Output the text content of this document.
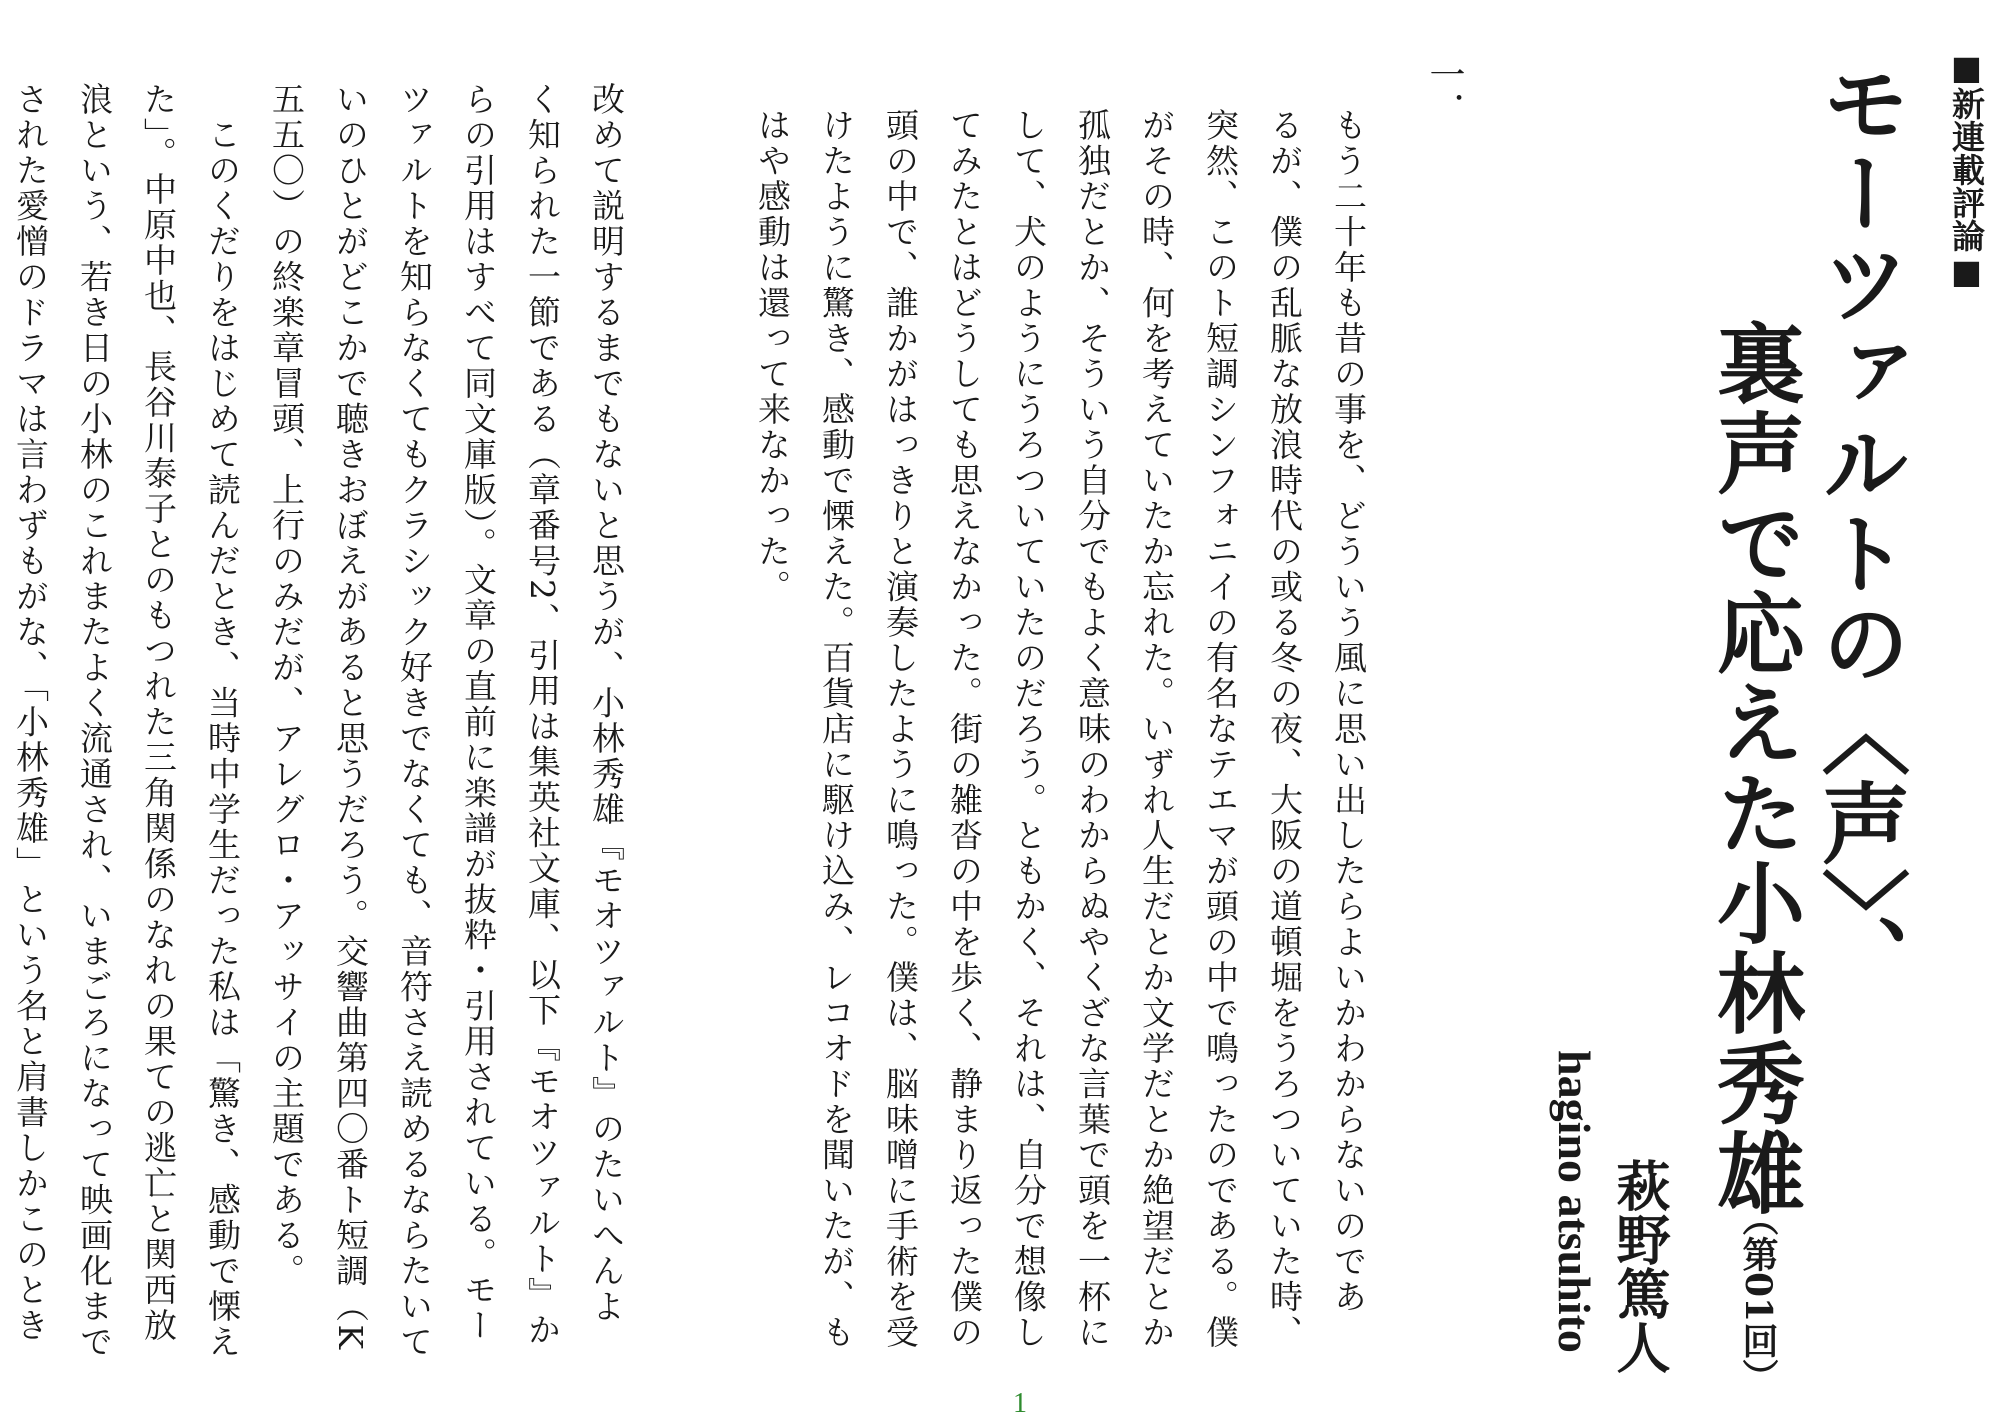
■新連載評論■
モーツァルトの〈声〉、
裏声で応えた小林秀雄
（第01回）
萩野篤人
hagino atsuhito
一．

もう二十年も昔の事を、どういう風に思い出したらよいかわからないのであ

るが、僕の乱脈な放浪時代の或る冬の夜、大阪の道頓堀をうろついていた時、

突然、このト短調シンフォニイの有名なテエマが頭の中で鳴ったのである。僕

がその時、何を考えていたか忘れた。いずれ人生だとか文学だとか絶望だとか

孤独だとか、そういう自分でもよく意味のわからぬやくざな言葉で頭を一杯に

して、犬のようにうろついていたのだろう。ともかく、それは、自分で想像し

てみたとはどうしても思えなかった。街の雑沓の中を歩く、静まり返った僕の

頭の中で、誰かがはっきりと演奏したように鳴った。僕は、脳味噌に手術を受

けたように驚き、感動で慄えた。百貨店に駆け込み、レコオドを聞いたが、も

はや感動は還って来なかった。

改めて説明するまでもないと思うが、小林秀雄『モオツァルト』のたいへんよ

く知られた一節である（章番号2、引用は集英社文庫、以下『モオツァルト』か

らの引用はすべて同文庫版）。文章の直前に楽譜が抜粋・引用されている。モー

ツァルトを知らなくてもクラシック好きでなくても、音符さえ読めるならたいて

いのひとがどこかで聴きおぼえがあると思うだろう。交響曲第四〇番ト短調（K

五五〇）の終楽章冒頭、上行のみだが、アレグロ・アッサイの主題である。

　このくだりをはじめて読んだとき、当時中学生だった私は「驚き、感動で慄え

た」。中原中也、長谷川泰子とのもつれた三角関係のなれの果ての逃亡と関西放

浪という、若き日の小林のこれまたよく流通され、いまごろになって映画化まで

された愛憎のドラマは言わずもがな、「小林秀雄」という名と肩書しかこのとき

1
